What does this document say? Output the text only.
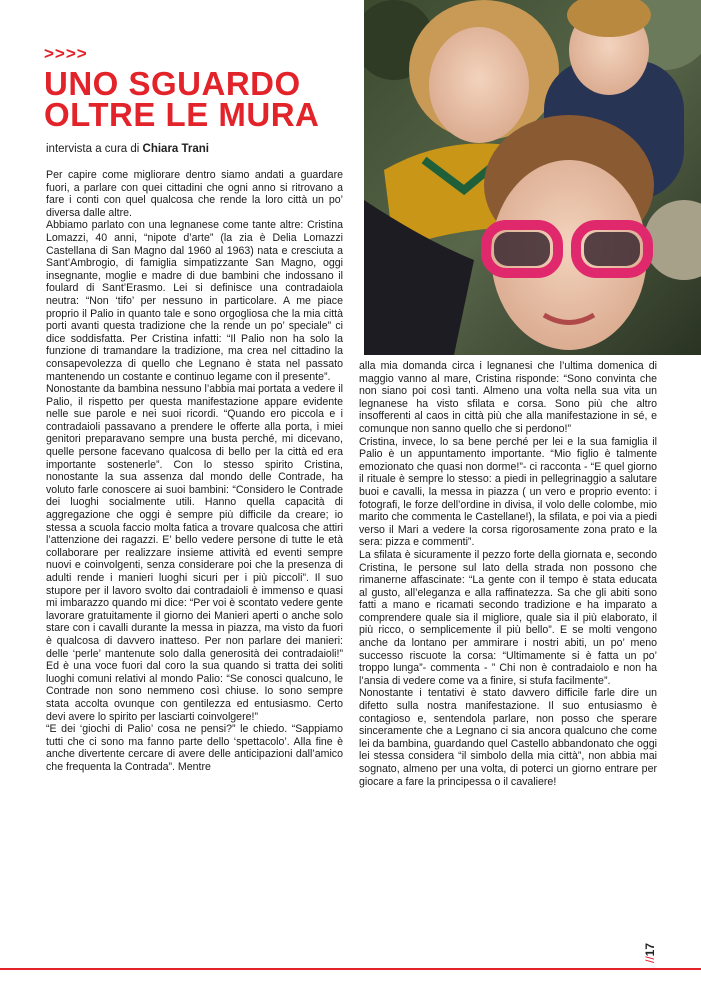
>>>>
UNO SGUARDO
OLTRE LE MURA
intervista a cura di Chiara Trani

Per capire come migliorare dentro siamo andati a guardare fuori, a parlare con quei cittadini che ogni anno si ritrovano a fare i conti con quel qualcosa che rende la loro città un po’ diversa dalle altre.

Abbiamo parlato con una legnanese come tante altre: Cristina Lomazzi, 40 anni, “nipote d’arte” (la zia è Delia Lomazzi Castellana di San Magno dal 1960 al 1963) nata e cresciuta a Sant’Ambrogio, di famiglia simpatizzante San Magno, oggi insegnante, moglie e madre di due bambini che indossano il foulard di Sant’Erasmo. Lei si definisce una contradaiola neutra: “Non ‘tifo’ per nessuno in particolare. A me piace proprio il Palio in quanto tale e sono orgogliosa che la mia città porti avanti questa tradizione che la rende un po’ speciale” ci dice soddisfatta. Per Cristina infatti: “Il Palio non ha solo la funzione di tramandare la tradizione, ma crea nel cittadino la consapevolezza di quello che Legnano è stata nel passato mantenendo un costante e continuo legame con il presente”.

Nonostante da bambina nessuno l’abbia mai portata a vedere il Palio, il rispetto per questa manifestazione appare evidente nelle sue parole e nei suoi ricordi. “Quando ero piccola e i contradaioli passavano a prendere le offerte alla porta, i miei genitori preparavano sempre una busta perché, mi dicevano, quelle persone facevano qualcosa di bello per la città ed era importante sostenerle”. Con lo stesso spirito Cristina, nonostante la sua assenza dal mondo delle Contrade, ha voluto farle conoscere ai suoi bambini: “Considero le Contrade dei luoghi socialmente utili. Hanno quella capacità di aggregazione che oggi è sempre più difficile da creare; io stessa a scuola faccio molta fatica a trovare qualcosa che attiri l’attenzione dei ragazzi. E’ bello vedere persone di tutte le età collaborare per realizzare insieme attività ed eventi sempre nuovi e coinvolgenti, senza considerare poi che la presenza di adulti rende i manieri luoghi sicuri per i più piccoli”. Il suo stupore per il lavoro svolto dai contradaioli è immenso e quasi mi imbarazzo quando mi dice: “Per voi è scontato vedere gente lavorare gratuitamente il giorno dei Manieri aperti o anche solo stare con i cavalli durante la messa in piazza, ma visto da fuori è qualcosa di davvero inatteso. Per non parlare dei manieri: delle ‘perle’ mantenute solo dalla generosità dei contradaioli!” Ed è una voce fuori dal coro la sua quando si tratta dei soliti luoghi comuni relativi al mondo Palio: “Se conosci qualcuno, le Contrade non sono nemmeno così chiuse. Io sono sempre stata accolta ovunque con gentilezza ed entusiasmo. Certo devi avere lo spirito per lasciarti coinvolgere!”

“E dei ‘giochi di Palio’ cosa ne pensi?” le chiedo. “Sappiamo tutti che ci sono ma fanno parte dello ‘spettacolo’. Alla fine è anche divertente cercare di avere delle anticipazioni dall’amico che frequenta la Contrada”. Mentre

alla mia domanda circa i legnanesi che l’ultima domenica di maggio vanno al mare, Cristina risponde: “Sono convinta che non siano poi così tanti. Almeno una volta nella sua vita un legnanese ha visto sfilata e corsa. Sono più che altro insofferenti al caos in città più che alla manifestazione in sé, e comunque non sanno quello che si perdono!”

Cristina, invece, lo sa bene perché per lei e la sua famiglia il Palio è un appuntamento importante. “Mio figlio è talmente emozionato che quasi non dorme!”- ci racconta - “E quel giorno il rituale è sempre lo stesso: a piedi in pellegrinaggio a salutare buoi e cavalli, la messa in piazza ( un vero e proprio evento: i fotografi, le forze dell’ordine in divisa, il volo delle colombe, mio marito che commenta le Castellane!), la sfilata, e poi via a piedi verso il Mari a vedere la corsa rigorosamente zona prato e la sera: pizza e commenti”.

La sfilata è sicuramente il pezzo forte della giornata e, secondo Cristina, le persone sul lato della strada non possono che rimanerne affascinate: “La gente con il tempo è stata educata al gusto, all’eleganza e alla raffinatezza. Sa che gli abiti sono fatti a mano e ricamati secondo tradizione e ha imparato a comprendere quale sia il migliore, quale sia il più elaborato, il più ricco, o semplicemente il più bello”. E se molti vengono anche da lontano per ammirare i nostri abiti, un po’ meno successo riscuote la corsa: “Ultimamente si è fatta un po’ troppo lunga”- commenta - ” Chi non è contradaiolo e non ha l’ansia di vedere come va a finire, si stufa facilmente”.

Nonostante i tentativi è stato davvero difficile farle dire un difetto sulla nostra manifestazione. Il suo entusiasmo è contagioso e, sentendola parlare, non posso che sperare sinceramente che a Legnano ci sia ancora qualcuno che come lei da bambina, guardando quel Castello abbandonato che oggi lei stessa considera “il simbolo della mia città”, non abbia mai sognato, almeno per una volta, di poterci un giorno entrare per giocare a fare la principessa o il cavaliere!

//17
